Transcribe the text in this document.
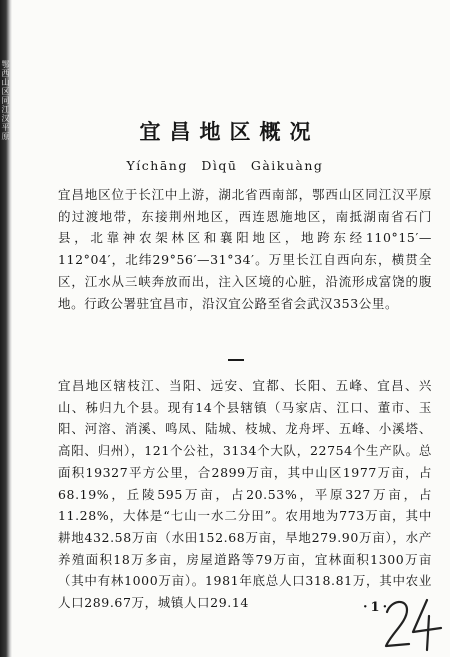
鄂西山区同江汉平原	宜昌地区概况
Yíchāng Dìqū Gàikuàng

宜昌地区位于长江中上游，湖北省西南部，鄂西山区同江汉平原的过渡地带，东接荆州地区，西连恩施地区，南抵湖南省石门县，北靠神农架林区和襄阳地区，地跨东经110°15′—112°04′，北纬29°56′—31°34′。万里长江自西向东，横贯全区，江水从三峡奔放而出，注入区境的心脏，沿流形成富饶的腹地。行政公署驻宜昌市，沿汉宜公路至省会武汉353公里。

宜昌地区辖枝江、当阳、远安、宜都、长阳、五峰、宜昌、兴山、秭归九个县。现有14个县辖镇（马家店、江口、董市、玉阳、河溶、消溪、鸣凤、陆城、枝城、龙舟坪、五峰、小溪塔、高阳、归州），121个公社，3134个大队，22754个生产队。总面积19327平方公里，合2899万亩，其中山区1977万亩，占68.19%，丘陵595万亩，占20.53%，平原327万亩，占11.28%，大体是“七山一水二分田”。农用地为773万亩，其中耕地432.58万亩（水田152.68万亩，旱地279.90万亩），水产养殖面积18万多亩，房屋道路等79万亩，宜林面积1300万亩（其中有林1000万亩）。1981年底总人口318.81万，其中农业人口289.67万，城镇人口29.14	·1·
